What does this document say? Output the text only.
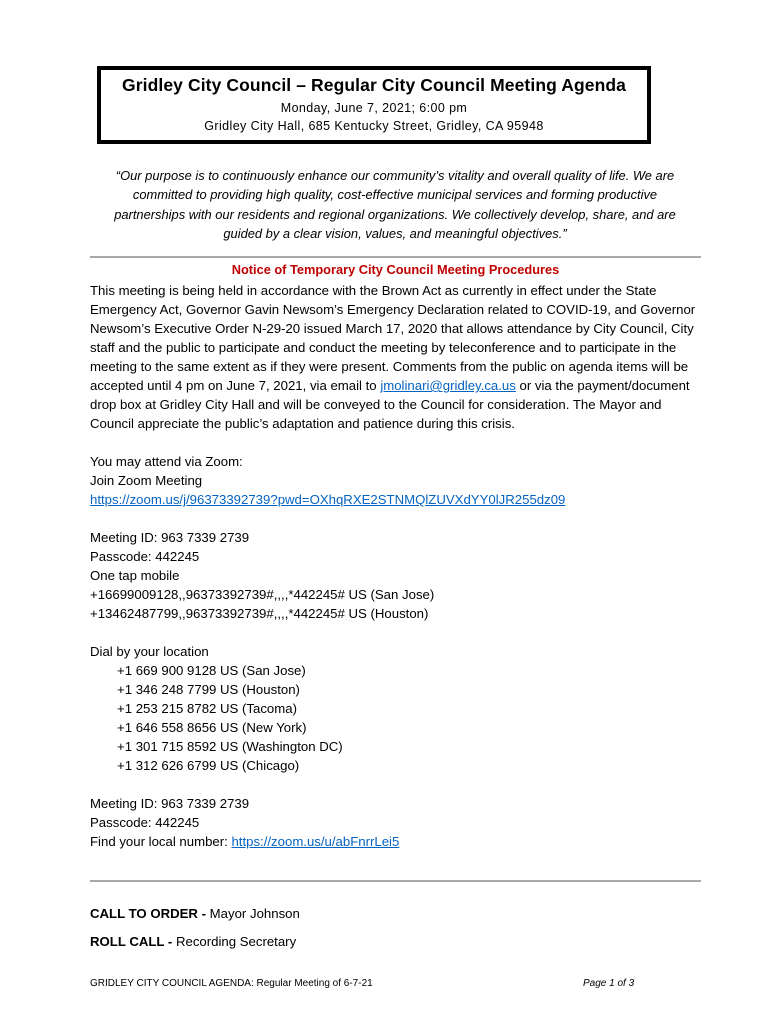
Gridley City Council – Regular City Council Meeting Agenda
Monday, June 7, 2021; 6:00 pm
Gridley City Hall, 685 Kentucky Street, Gridley, CA 95948
“Our purpose is to continuously enhance our community’s vitality and overall quality of life. We are committed to providing high quality, cost-effective municipal services and forming productive partnerships with our residents and regional organizations. We collectively develop, share, and are guided by a clear vision, values, and meaningful objectives.”
Notice of Temporary City Council Meeting Procedures

This meeting is being held in accordance with the Brown Act as currently in effect under the State Emergency Act, Governor Gavin Newsom’s Emergency Declaration related to COVID-19, and Governor Newsom’s Executive Order N-29-20 issued March 17, 2020 that allows attendance by City Council, City staff and the public to participate and conduct the meeting by teleconference and to participate in the meeting to the same extent as if they were present. Comments from the public on agenda items will be accepted until 4 pm on June 7, 2021, via email to jmolinari@gridley.ca.us or via the payment/document drop box at Gridley City Hall and will be conveyed to the Council for consideration. The Mayor and Council appreciate the public’s adaptation and patience during this crisis.

You may attend via Zoom:

Join Zoom Meeting

https://zoom.us/j/96373392739?pwd=OXhqRXE2STNMQlZUVXdYY0lJR255dz09

Meeting ID: 963 7339 2739

Passcode: 442245

One tap mobile

+16699009128,,96373392739#,,,,*442245# US (San Jose)

+13462487799,,96373392739#,,,,*442245# US (Houston)

Dial by your location

+1 669 900 9128 US (San Jose)

+1 346 248 7799 US (Houston)

+1 253 215 8782 US (Tacoma)

+1 646 558 8656 US (New York)

+1 301 715 8592 US (Washington DC)

+1 312 626 6799 US (Chicago)

Meeting ID: 963 7339 2739

Passcode: 442245

Find your local number: https://zoom.us/u/abFnrrLei5

CALL TO ORDER - Mayor Johnson
ROLL CALL - Recording Secretary
GRIDLEY CITY COUNCIL AGENDA: Regular Meeting of 6-7-21	Page 1 of 3
